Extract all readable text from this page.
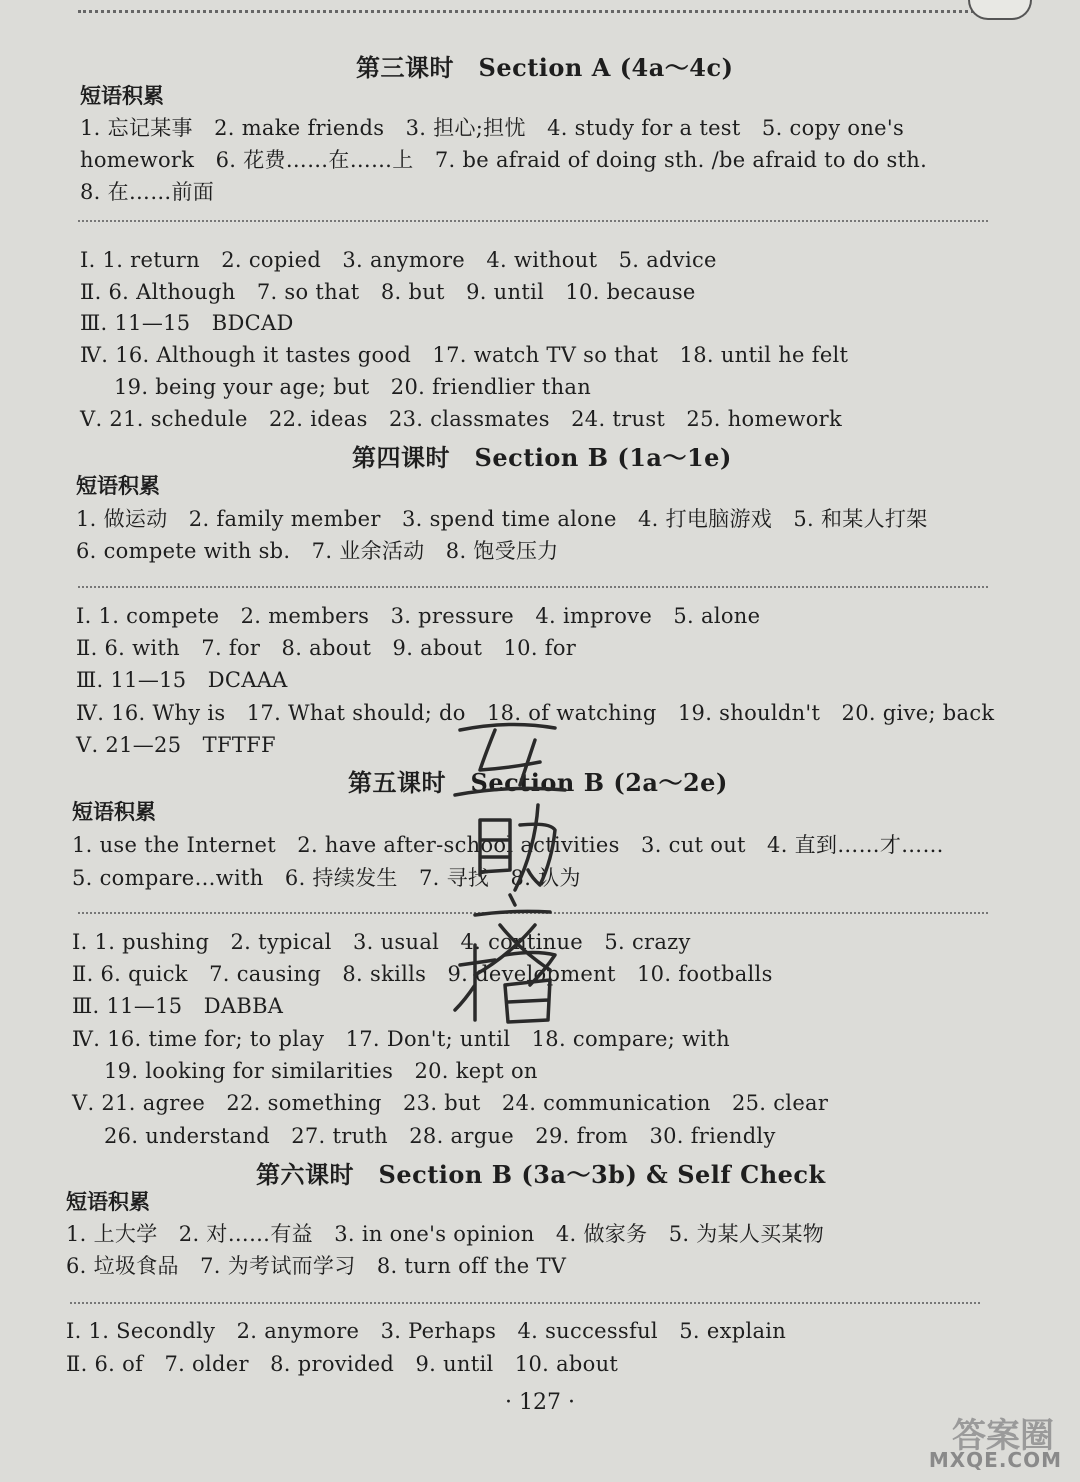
第三课时　Section A (4a～4c)
短语积累
1. 忘记某事　2. make friends　3. 担心;担忧　4. study for a test　5. copy one's
homework　6. 花费……在……上　7. be afraid of doing sth. /be afraid to do sth.
8. 在……前面
Ⅰ. 1. return　2. copied　3. anymore　4. without　5. advice
Ⅱ. 6. Although　7. so that　8. but　9. until　10. because
Ⅲ. 11—15　BDCAD
Ⅳ. 16. Although it tastes good　17. watch TV so that　18. until he felt
19. being your age; but　20. friendlier than
Ⅴ. 21. schedule　22. ideas　23. classmates　24. trust　25. homework
第四课时　Section B (1a～1e)
短语积累
1. 做运动　2. family member　3. spend time alone　4. 打电脑游戏　5. 和某人打架
6. compete with sb.　7. 业余活动　8. 饱受压力
Ⅰ. 1. compete　2. members　3. pressure　4. improve　5. alone
Ⅱ. 6. with　7. for　8. about　9. about　10. for
Ⅲ. 11—15　DCAAA
Ⅳ. 16. Why is　17. What should; do　18. of watching　19. shouldn't　20. give; back
Ⅴ. 21—25　TFTFF
第五课时　Section B (2a～2e)
短语积累
1. use the Internet　2. have after-school activities　3. cut out　4. 直到……才……
5. compare…with　6. 持续发生　7. 寻找　8. 认为
Ⅰ. 1. pushing　2. typical　3. usual　4. continue　5. crazy
Ⅱ. 6. quick　7. causing　8. skills　9. development　10. footballs
Ⅲ. 11—15　DABBA
Ⅳ. 16. time for; to play　17. Don't; until　18. compare; with
19. looking for similarities　20. kept on
Ⅴ. 21. agree　22. something　23. but　24. communication　25. clear
26. understand　27. truth　28. argue　29. from　30. friendly
第六课时　Section B (3a～3b) & Self Check
短语积累
1. 上大学　2. 对……有益　3. in one's opinion　4. 做家务　5. 为某人买某物
6. 垃圾食品　7. 为考试而学习　8. turn off the TV
Ⅰ. 1. Secondly　2. anymore　3. Perhaps　4. successful　5. explain
Ⅱ. 6. of　7. older　8. provided　9. until　10. about
· 127 ·
答案圈
MXQE.COM
